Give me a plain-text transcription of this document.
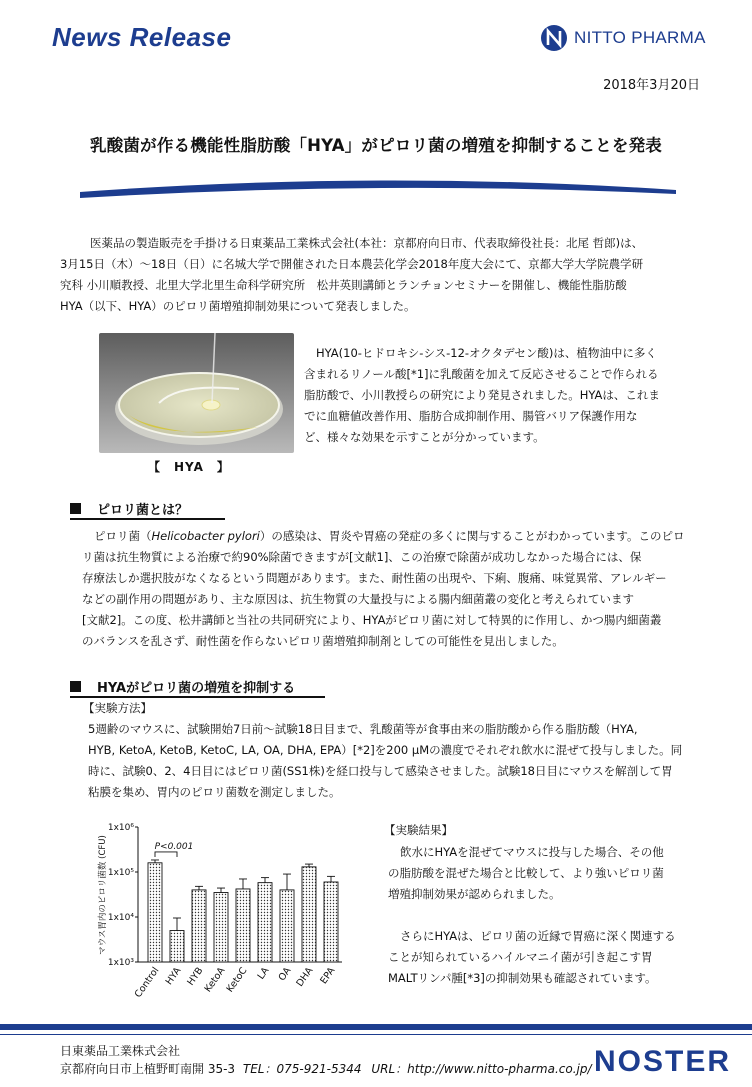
News Release	NITTO PHARMA
2018年3月20日
乳酸菌が作る機能性脂肪酸「HYA」がピロリ菌の増殖を抑制することを発表

医薬品の製造販売を手掛ける日東薬品工業株式会社(本社：京都府向日市、代表取締役社長：北尾 哲郎)は、

3月15日（木）～18日（日）に名城大学で開催された日本農芸化学会2018年度大会にて、京都大学大学院農学研

究科 小川順教授、北里大学北里生命科学研究所　松井英則講師とランチョンセミナーを開催し、機能性脂肪酸

HYA（以下、HYA）のピロリ菌増殖抑制効果について発表しました。

【　HYA　】

HYA(10-ヒドロキシ-シス-12-オクタデセン酸)は、植物油中に多く

含まれるリノール酸[*1]に乳酸菌を加えて反応させることで作られる

脂肪酸で、小川教授らの研究により発見されました。HYAは、これま

でに血糖値改善作用、脂肪合成抑制作用、腸管バリア保護作用な

ど、様々な効果を示すことが分かっています。

ピロリ菌とは？

ピロリ菌（Helicobacter pylori）の感染は、胃炎や胃癌の発症の多くに関与することがわかっています。このピロ

リ菌は抗生物質による治療で約90%除菌できますが[文献1]、この治療で除菌が成功しなかった場合には、保

存療法しか選択肢がなくなるという問題があります。また、耐性菌の出現や、下痢、腹痛、味覚異常、アレルギー

などの副作用の問題があり、主な原因は、抗生物質の大量投与による腸内細菌叢の変化と考えられています

[文献2]。この度、松井講師と当社の共同研究により、HYAがピロリ菌に対して特異的に作用し、かつ腸内細菌叢

のバランスを乱さず、耐性菌を作らないピロリ菌増殖抑制剤としての可能性を見出しました。

HYAがピロリ菌の増殖を抑制する
【実験方法】

5週齢のマウスに、試験開始7日前～試験18日目まで、乳酸菌等が食事由来の脂肪酸から作る脂肪酸（HYA,

HYB, KetoA, KetoB, KetoC, LA, OA, DHA, EPA）[*2]を200 μMの濃度でそれぞれ飲水に混ぜて投与しました。同

時に、試験0、2、4日目にはピロリ菌(SS1株)を経口投与して感染させました。試験18日目にマウスを解剖して胃

粘膜を集め、胃内のピロリ菌数を測定しました。

マウス胃内のピロリ菌数 (CFU)
1x10³
1x10⁴
1x10⁵
1x10⁶
P<0.001
Control HYA HYB
KetoA
KetoC LA OA DHA EPA
【実験結果】

飲水にHYAを混ぜてマウスに投与した場合、その他

の脂肪酸を混ぜた場合と比較して、より強いピロリ菌

増殖抑制効果が認められました。

さらにHYAは、ピロリ菌の近縁で胃癌に深く関連する

ことが知られているハイルマニイ菌が引き起こす胃

MALTリンパ腫[*3]の抑制効果も確認されています。

日東薬品工業株式会社
京都府向日市上植野町南開 35-3 TEL：075-921-5344 URL：http://www.nitto-pharma.co.jp/ NOSTER
